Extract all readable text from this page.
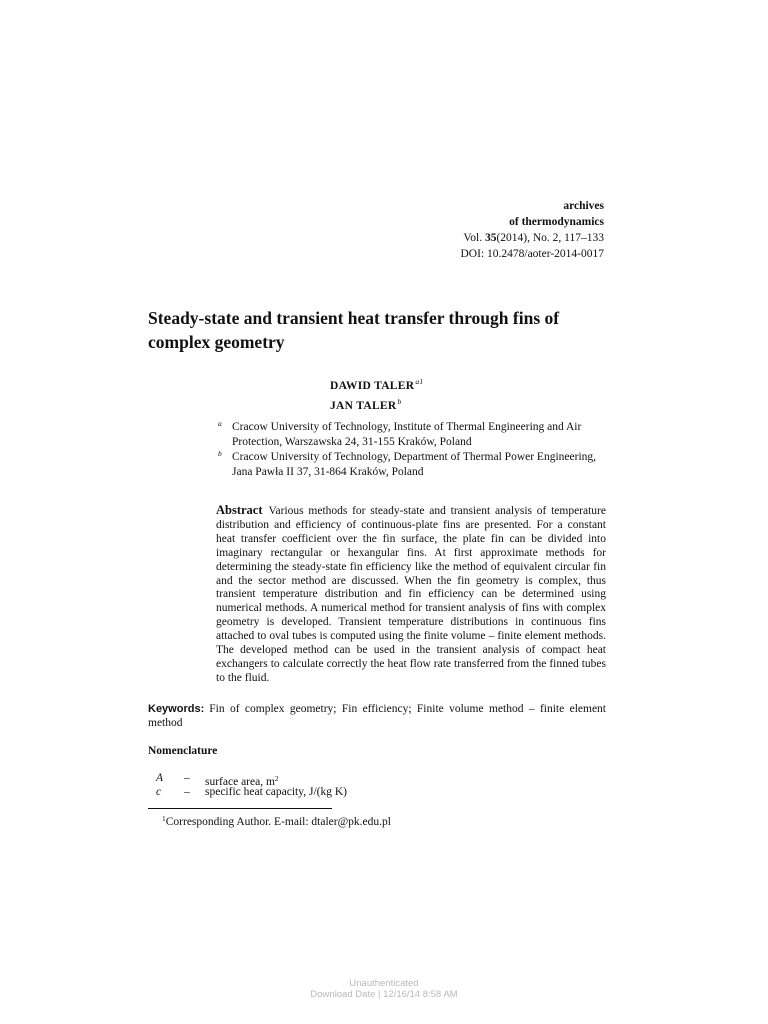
archives
of thermodynamics
Vol. 35(2014), No. 2, 117–133
DOI: 10.2478/aoter-2014-0017
Steady-state and transient heat transfer through fins of complex geometry
DAWID $TALER^{a1}$
JAN TALER$^b$
a Cracow University of Technology, Institute of Thermal Engineering and Air Protection, Warszawska 24, 31-155 Kraków, Poland
b Cracow University of Technology, Department of Thermal Power Engineering, Jana Pawła II 37, 31-864 Kraków, Poland
Abstract Various methods for steady-state and transient analysis of temperature distribution and efficiency of continuous-plate fins are presented. For a constant heat transfer coefficient over the fin surface, the plate fin can be divided into imaginary rectangular or hexangular fins. At first approximate methods for determining the steady-state fin efficiency like the method of equivalent circular fin and the sector method are discussed. When the fin geometry is complex, thus transient temperature distribution and fin efficiency can be determined using numerical methods. A numerical method for transient analysis of fins with complex geometry is developed. Transient temperature distributions in continuous fins attached to oval tubes is computed using the finite volume – finite element methods. The developed method can be used in the transient analysis of compact heat exchangers to calculate correctly the heat flow rate transferred from the finned tubes to the fluid.
Keywords: Fin of complex geometry; Fin efficiency; Finite volume method – finite element method
Nomenclature
A – surface area, $m^2$
c – specific heat capacity, J/(kg K)
$^1$Corresponding Author. E-mail: dtaler@pk.edu.pl
Unauthenticated
Download Date | 12/16/14 8:58 AM
